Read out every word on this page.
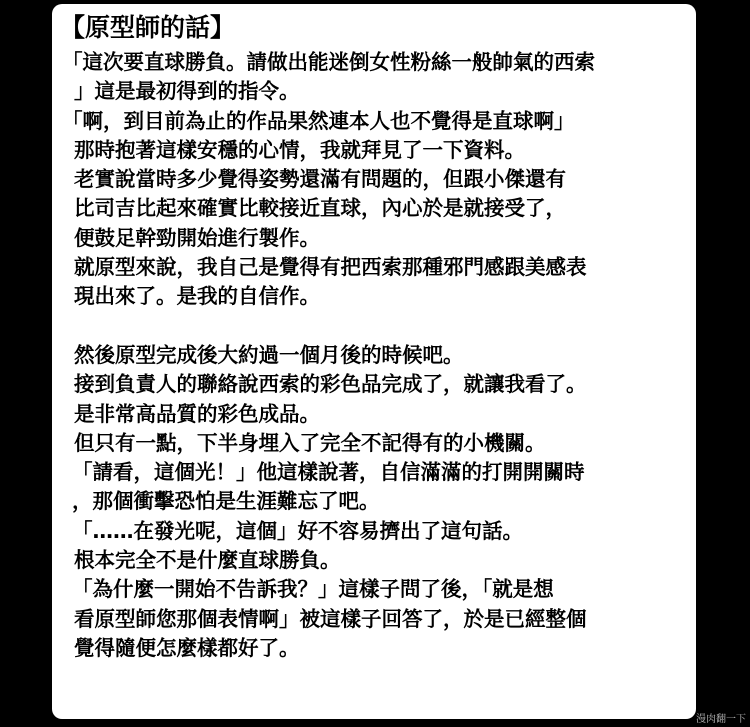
【原型師的話】
「這次要直球勝負。請做出能迷倒女性粉絲一般帥氣的西索
」這是最初得到的指令。
「啊，到目前為止的作品果然連本人也不覺得是直球啊」
那時抱著這樣安穩的心情，我就拜見了一下資料。
老實說當時多少覺得姿勢還滿有問題的，但跟小傑還有
比司吉比起來確實比較接近直球，內心於是就接受了，
便鼓足幹勁開始進行製作。
就原型來說，我自己是覺得有把西索那種邪門感跟美感表
現出來了。是我的自信作。
然後原型完成後大約過一個月後的時候吧。
接到負責人的聯絡說西索的彩色品完成了，就讓我看了。
是非常高品質的彩色成品。
但只有一點，下半身埋入了完全不記得有的小機關。
「請看，這個光！」他這樣說著，自信滿滿的打開開關時
，那個衝擊恐怕是生涯難忘了吧。
「……在發光呢，這個」好不容易擠出了這句話。
根本完全不是什麼直球勝負。
「為什麼一開始不告訴我？」這樣子問了後，「就是想
看原型師您那個表情啊」被這樣子回答了，於是已經整個
覺得隨便怎麼樣都好了。
漫肉翻一下
